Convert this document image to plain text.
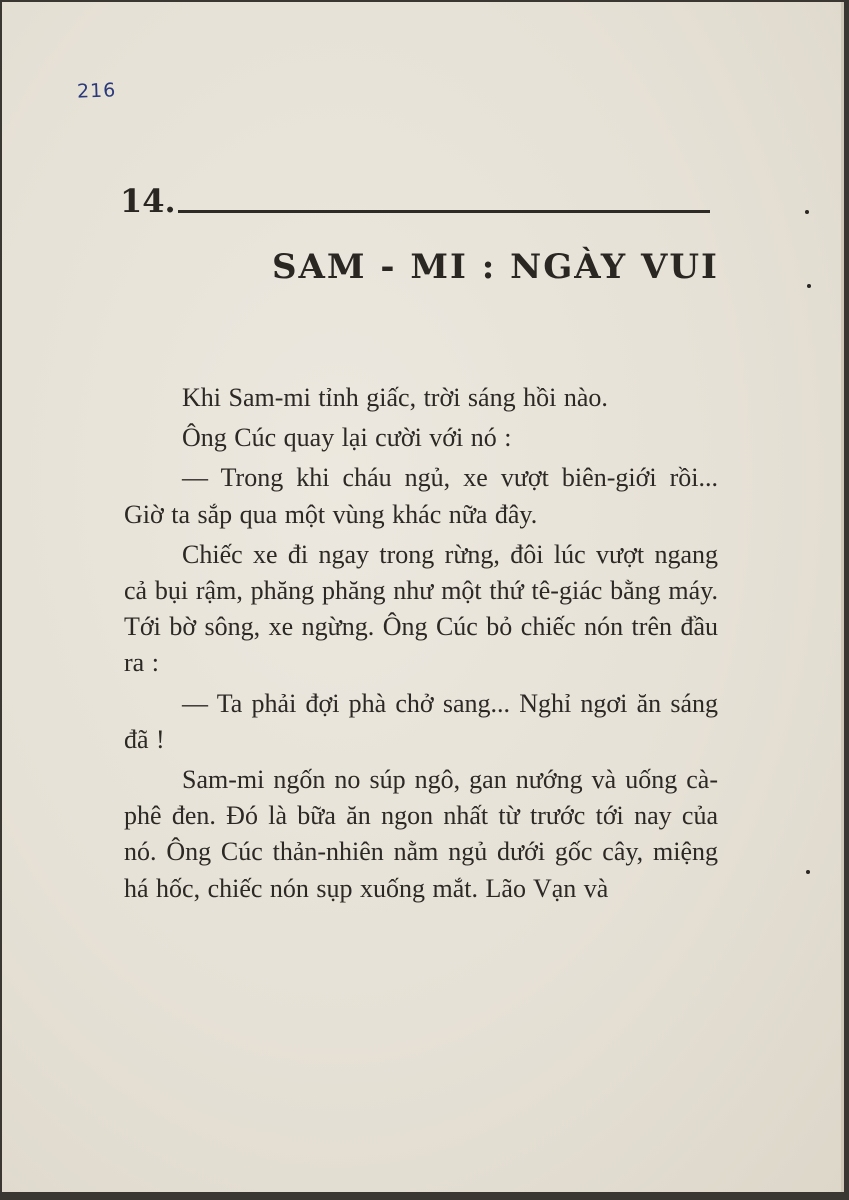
216
14.
SAM - MI : NGÀY VUI

Khi Sam-mi tỉnh giấc, trời sáng hồi nào.

Ông Cúc quay lại cười với nó :

— Trong khi cháu ngủ, xe vượt biên-giới rồi... Giờ ta sắp qua một vùng khác nữa đây.

Chiếc xe đi ngay trong rừng, đôi lúc vượt ngang cả bụi rậm, phăng phăng như một thứ tê-giác bằng máy. Tới bờ sông, xe ngừng. Ông Cúc bỏ chiếc nón trên đầu ra :

— Ta phải đợi phà chở sang... Nghỉ ngơi ăn sáng đã !

Sam-mi ngốn no súp ngô, gan nướng và uống cà-phê đen. Đó là bữa ăn ngon nhất từ trước tới nay của nó. Ông Cúc thản-nhiên nằm ngủ dưới gốc cây, miệng há hốc, chiếc nón sụp xuống mắt. Lão Vạn và
